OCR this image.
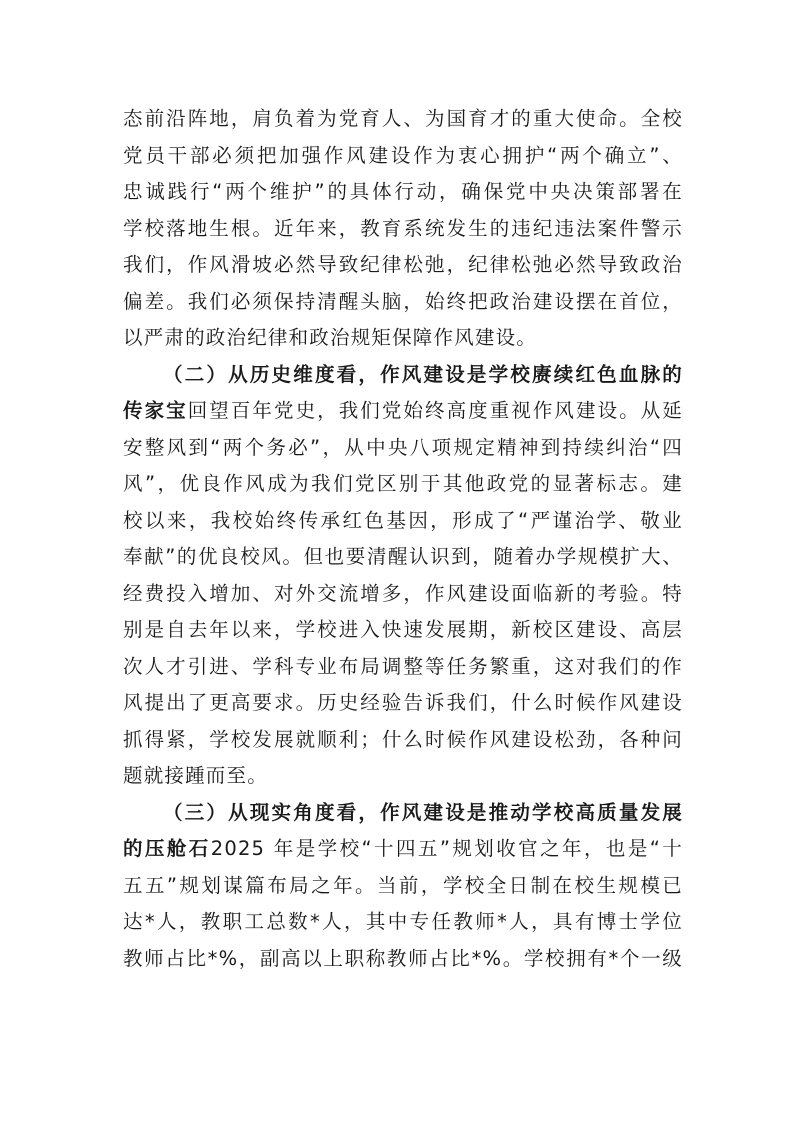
态前沿阵地，肩负着为党育人、为国育才的重大使命。全校
党员干部必须把加强作风建设作为衷心拥护“两个确立”、
忠诚践行“两个维护”的具体行动，确保党中央决策部署在
学校落地生根。近年来，教育系统发生的违纪违法案件警示
我们，作风滑坡必然导致纪律松弛，纪律松弛必然导致政治
偏差。我们必须保持清醒头脑，始终把政治建设摆在首位，
以严肃的政治纪律和政治规矩保障作风建设。
（二）从历史维度看，作风建设是学校赓续红色血脉的
传家宝回望百年党史，我们党始终高度重视作风建设。从延
安整风到“两个务必”，从中央八项规定精神到持续纠治“四
风”，优良作风成为我们党区别于其他政党的显著标志。建
校以来，我校始终传承红色基因，形成了“严谨治学、敬业
奉献”的优良校风。但也要清醒认识到，随着办学规模扩大、
经费投入增加、对外交流增多，作风建设面临新的考验。特
别是自去年以来，学校进入快速发展期，新校区建设、高层
次人才引进、学科专业布局调整等任务繁重，这对我们的作
风提出了更高要求。历史经验告诉我们，什么时候作风建设
抓得紧，学校发展就顺利；什么时候作风建设松劲，各种问
题就接踵而至。
（三）从现实角度看，作风建设是推动学校高质量发展
的压舱石2025 年是学校“十四五”规划收官之年，也是“十
五五”规划谋篇布局之年。当前，学校全日制在校生规模已
达*人，教职工总数*人，其中专任教师*人，具有博士学位
教师占比*%，副高以上职称教师占比*%。学校拥有*个一级
